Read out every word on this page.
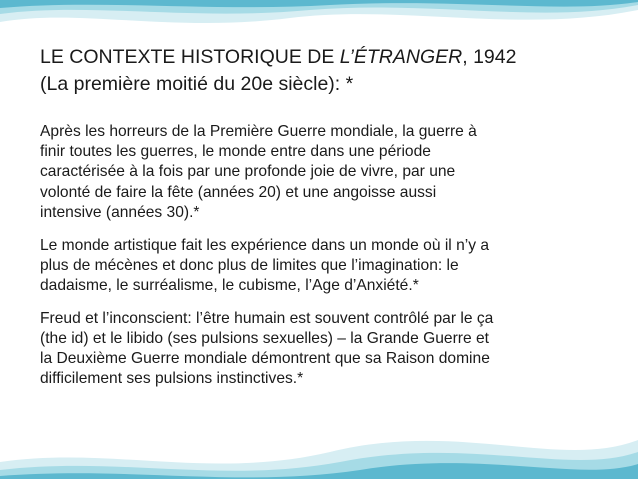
LE CONTEXTE HISTORIQUE DE L’ÉTRANGER, 1942
(La première moitié du 20e siècle): *

Après les horreurs de la Première Guerre mondiale, la guerre à
finir toutes les guerres, le monde entre dans une période
caractérisée à la fois par une profonde joie de vivre, par une
volonté de faire la fête (années 20) et une angoisse aussi
intensive (années 30).*

Le monde artistique fait les expérience dans un monde où il n’y a
plus de mécènes et donc plus de limites que l’imagination: le
dadaisme, le surréalisme, le cubisme, l’Age d’Anxiété.*

Freud et l’inconscient: l’être humain est souvent contrôlé par le ça
(the id) et le libido (ses pulsions sexuelles) – la Grande Guerre et
la Deuxième Guerre mondiale démontrent que sa Raison domine
difficilement ses pulsions instinctives.*
